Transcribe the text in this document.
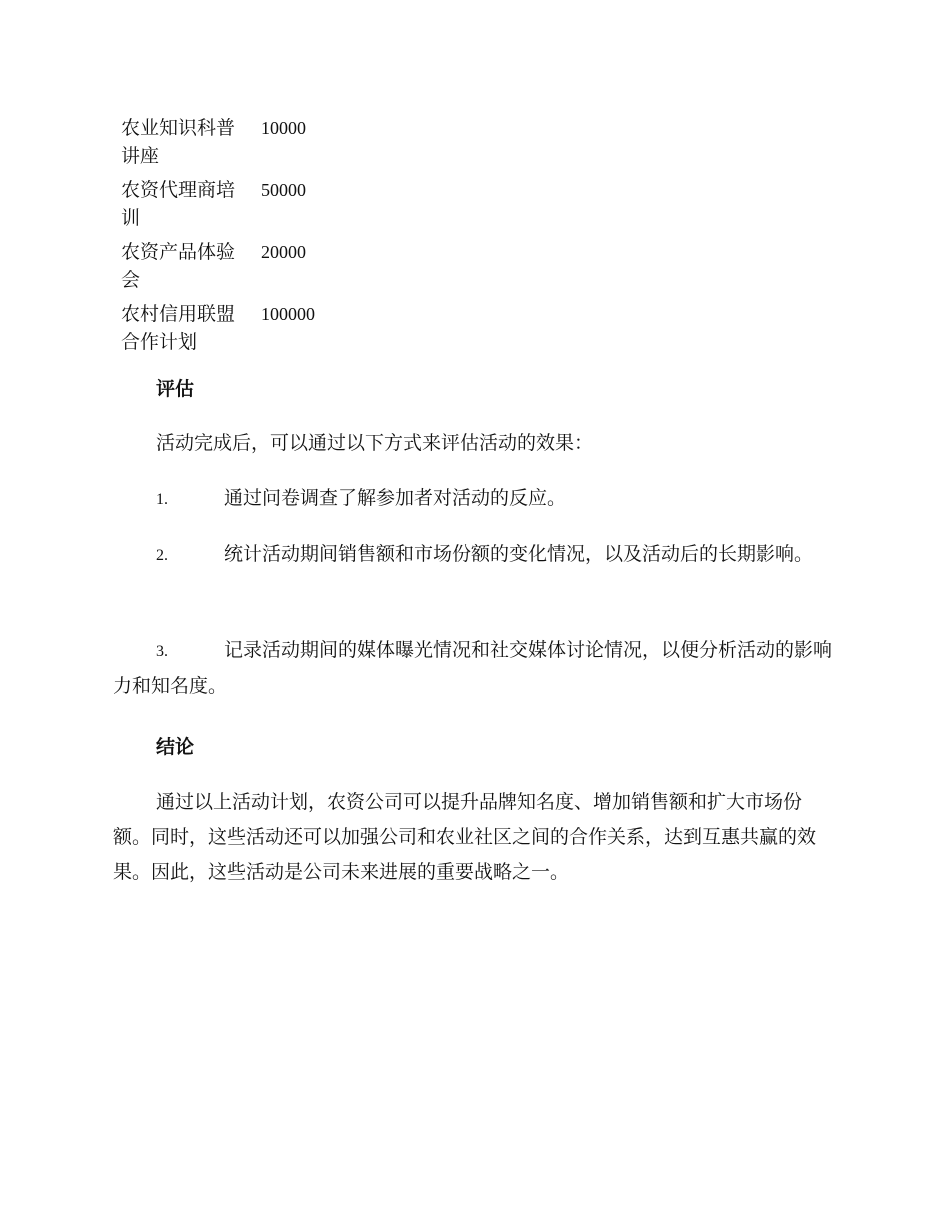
农业知识科普讲座	10000
农资代理商培训	50000
农资产品体验会	20000
农村信用联盟合作计划	100000
评估

活动完成后，可以通过以下方式来评估活动的效果：

1.	通过问卷调查了解参加者对活动的反应。

2.	统计活动期间销售额和市场份额的变化情况，以及活动后的长期影响。

3.	记录活动期间的媒体曝光情况和社交媒体讨论情况，以便分析活动的影响力和知名度。

结论

通过以上活动计划，农资公司可以提升品牌知名度、增加销售额和扩大市场份额。同时，这些活动还可以加强公司和农业社区之间的合作关系，达到互惠共赢的效果。因此，这些活动是公司未来进展的重要战略之一。
